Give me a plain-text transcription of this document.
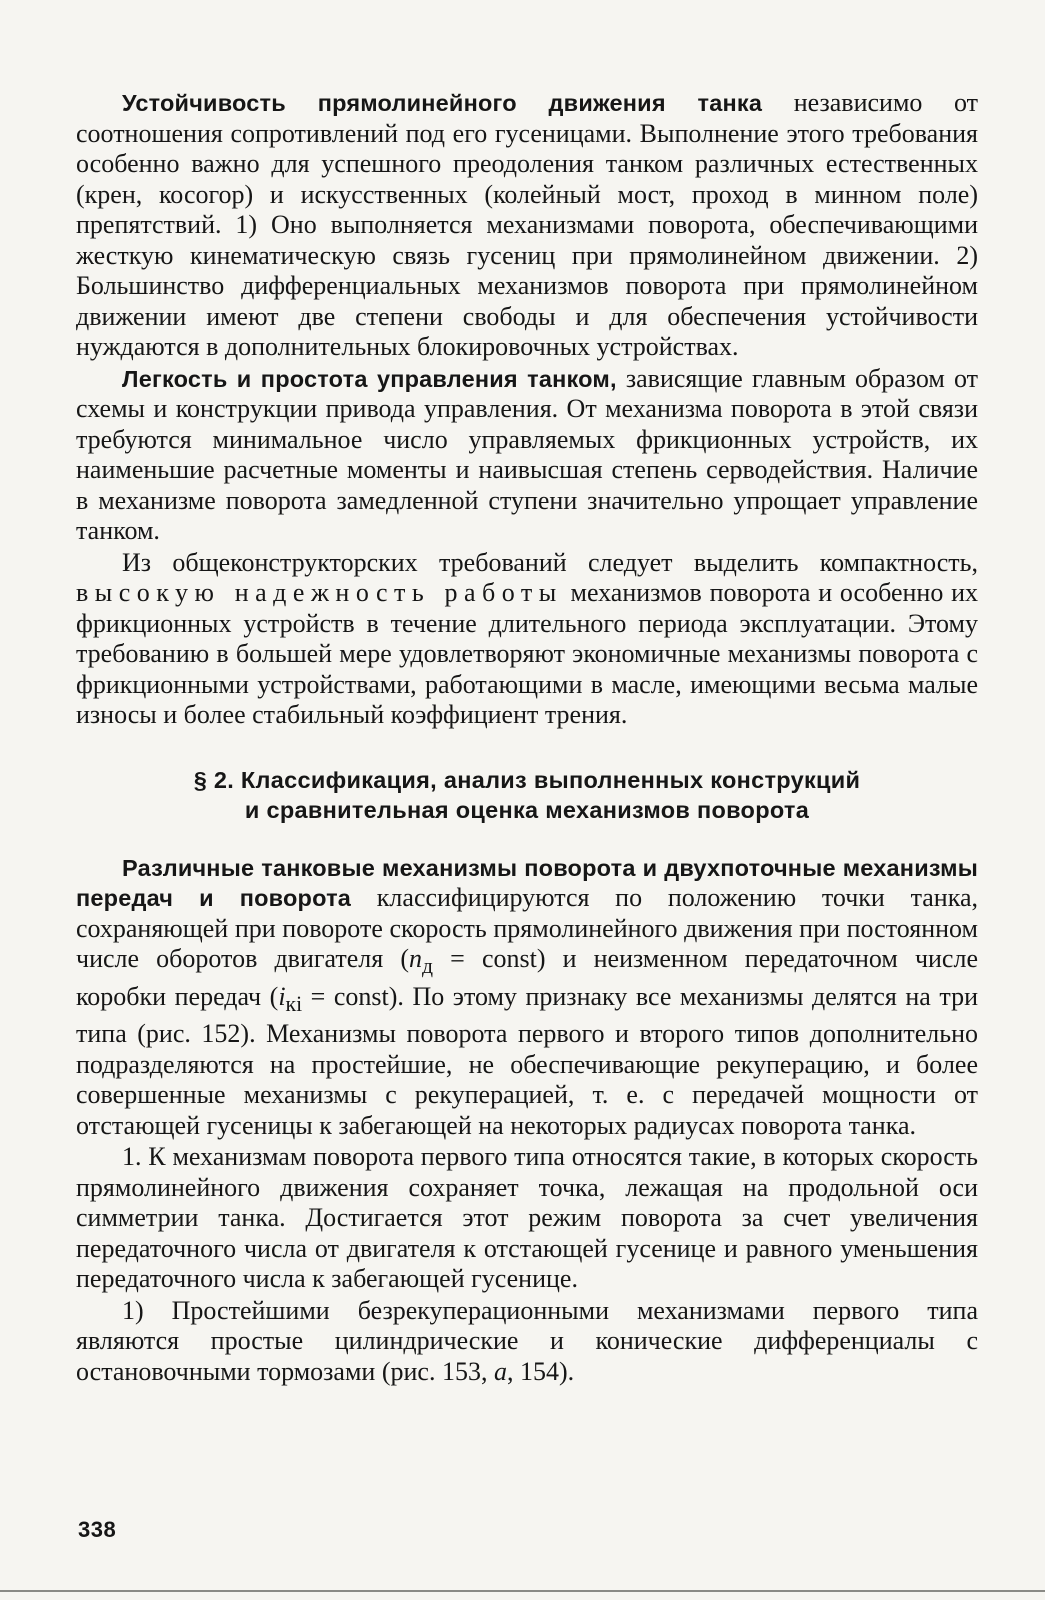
Устойчивость прямолинейного движения танка независимо от соотношения сопротивлений под его гусеницами. Выполнение этого требования особенно важно для успешного преодоления танком различных естественных (крен, косогор) и искусственных (колейный мост, проход в минном поле) препятствий. 1) Оно выполняется механизмами поворота, обеспечивающими жесткую кинематическую связь гусениц при прямолинейном движении. 2) Большинство дифференциальных механизмов поворота при прямолинейном движении имеют две степени свободы и для обеспечения устойчивости нуждаются в дополнительных блокировочных устройствах.

Легкость и простота управления танком, зависящие главным образом от схемы и конструкции привода управления. От механизма поворота в этой связи требуются минимальное число управляемых фрикционных устройств, их наименьшие расчетные моменты и наивысшая степень серводействия. Наличие в механизме поворота замедленной ступени значительно упрощает управление танком.

Из общеконструкторских требований следует выделить компактность, высокую надежность работы механизмов поворота и особенно их фрикционных устройств в течение длительного периода эксплуатации. Этому требованию в большей мере удовлетворяют экономичные механизмы поворота с фрикционными устройствами, работающими в масле, имеющими весьма малые износы и более стабильный коэффициент трения.

§ 2. Классификация, анализ выполненных конструкций
и сравнительная оценка механизмов поворота

Различные танковые механизмы поворота и двухпоточные механизмы передач и поворота классифицируются по положению точки танка, сохраняющей при повороте скорость прямолинейного движения при постоянном числе оборотов двигателя ($n_д$ = const) и неизменном передаточном числе коробки передач ($i_{кi}$ = const). По этому признаку все механизмы делятся на три типа (рис. 152). Механизмы поворота первого и второго типов дополнительно подразделяются на простейшие, не обеспечивающие рекуперацию, и более совершенные механизмы с рекуперацией, т. е. с передачей мощности от отстающей гусеницы к забегающей на некоторых радиусах поворота танка.

1. К механизмам поворота первого типа относятся такие, в которых скорость прямолинейного движения сохраняет точка, лежащая на продольной оси симметрии танка. Достигается этот режим поворота за счет увеличения передаточного числа от двигателя к отстающей гусенице и равного уменьшения передаточного числа к забегающей гусенице.

1) Простейшими безрекуперационными механизмами первого типа являются простые цилиндрические и конические дифференциалы с остановочными тормозами (рис. 153, а, 154).

338
